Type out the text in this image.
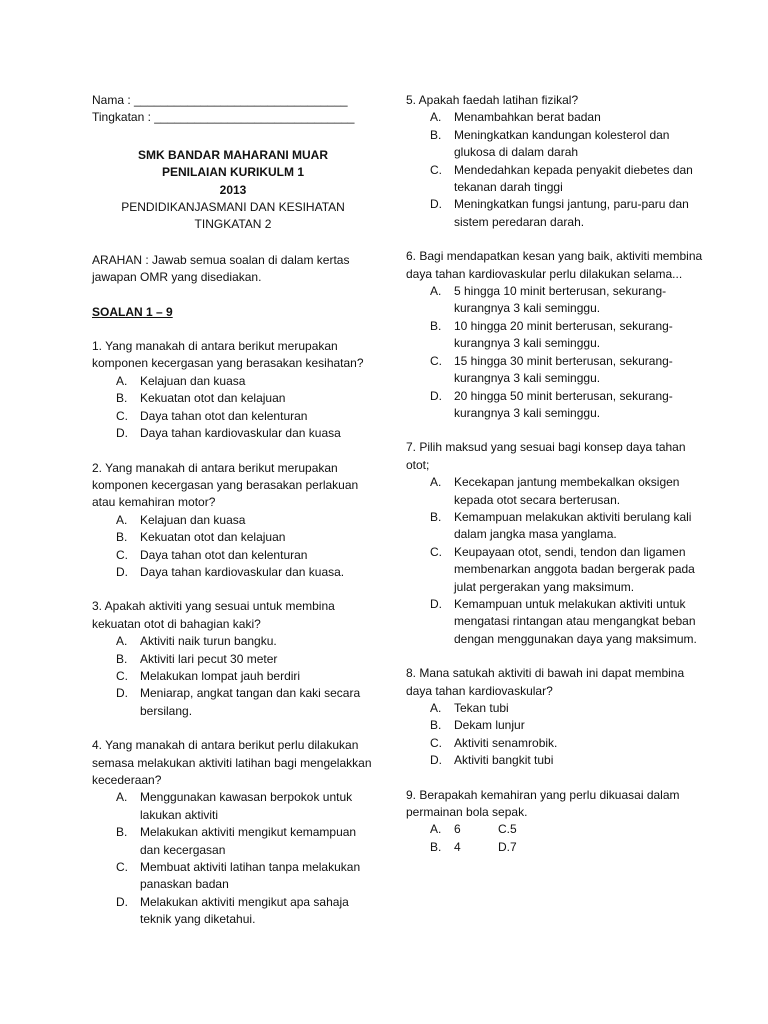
Nama : ________________________________
Tingkatan : ______________________________
SMK BANDAR MAHARANI MUAR
PENILAIAN KURIKULM 1
2013
PENDIDIKANJASMANI DAN KESIHATAN
TINGKATAN 2
ARAHAN : Jawab semua soalan di dalam kertas jawapan OMR yang disediakan.
SOALAN 1 – 9
1. Yang manakah di antara berikut merupakan komponen kecergasan yang berasakan kesihatan?
A.	Kelajuan dan kuasa
B.	Kekuatan otot dan kelajuan
C.	Daya tahan otot dan kelenturan
D.	Daya tahan kardiovaskular dan kuasa
2. Yang manakah di antara berikut merupakan komponen kecergasan yang berasakan perlakuan atau kemahiran motor?
A.	Kelajuan dan kuasa
B.	Kekuatan otot dan kelajuan
C.	Daya tahan otot dan kelenturan
D.	Daya tahan kardiovaskular dan kuasa.
3. Apakah aktiviti yang sesuai untuk membina kekuatan otot di bahagian kaki?
A.	Aktiviti naik turun bangku.
B.	Aktiviti lari pecut 30 meter
C.	Melakukan lompat jauh berdiri
D.	Meniarap, angkat tangan dan kaki secara bersilang.
4. Yang manakah di antara berikut perlu dilakukan semasa melakukan aktiviti latihan bagi mengelakkan kecederaan?
A.	Menggunakan kawasan berpokok untuk lakukan aktiviti
B.	Melakukan aktiviti mengikut kemampuan dan kecergasan
C.	Membuat aktiviti latihan tanpa melakukan panaskan badan
D.	Melakukan aktiviti mengikut apa sahaja teknik yang diketahui.
5. Apakah faedah latihan fizikal?
A.	Menambahkan berat badan
B.	Meningkatkan kandungan kolesterol dan glukosa di dalam darah
C.	Mendedahkan kepada penyakit diebetes dan tekanan darah tinggi
D.	Meningkatkan fungsi jantung, paru-paru dan sistem peredaran darah.
6. Bagi mendapatkan kesan yang baik, aktiviti membina daya tahan kardiovaskular perlu dilakukan selama...
A.	5 hingga 10 minit berterusan, sekurang-kurangnya 3 kali seminggu.
B.	10 hingga 20 minit berterusan, sekurang-kurangnya 3 kali seminggu.
C.	15 hingga 30 minit berterusan, sekurang-kurangnya 3 kali seminggu.
D.	20 hingga 50 minit berterusan, sekurang-kurangnya 3 kali seminggu.
7. Pilih maksud yang sesuai bagi konsep daya tahan otot;
A.	Kecekapan jantung membekalkan oksigen kepada otot secara berterusan.
B.	Kemampuan melakukan aktiviti berulang kali dalam jangka masa yanglama.
C.	Keupayaan otot, sendi, tendon dan ligamen membenarkan anggota badan bergerak pada julat pergerakan yang maksimum.
D.	Kemampuan untuk melakukan aktiviti untuk mengatasi rintangan atau mengangkat beban dengan menggunakan daya yang maksimum.
8. Mana satukah aktiviti di bawah ini dapat membina daya tahan kardiovaskular?
A.	Tekan tubi
B.	Dekam lunjur
C.	Aktiviti senamrobik.
D.	Aktiviti bangkit tubi
9. Berapakah kemahiran yang perlu dikuasai dalam permainan bola sepak.
A.	6	C.5
B.	4	D.7
